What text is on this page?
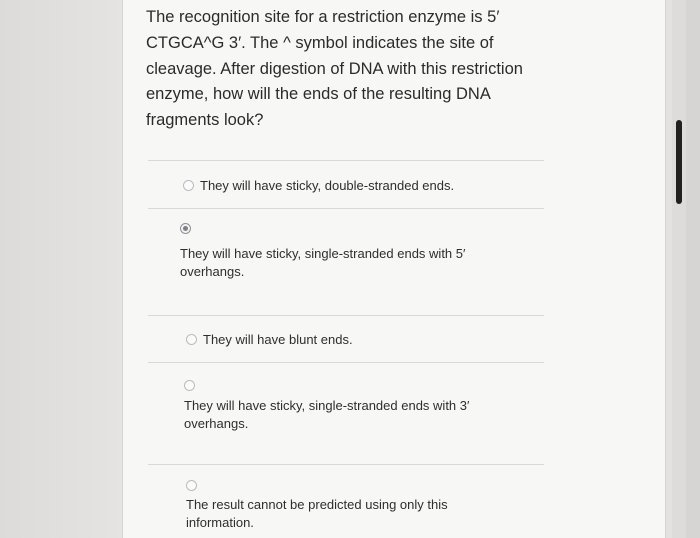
The recognition site for a restriction enzyme is 5′ CTGCA^G 3′. The ^ symbol indicates the site of cleavage. After digestion of DNA with this restriction enzyme, how will the ends of the resulting DNA fragments look?

They will have sticky, double-stranded ends.
They will have sticky, single-stranded ends with 5′ overhangs.
They will have blunt ends.
They will have sticky, single-stranded ends with 3′ overhangs.
The result cannot be predicted using only this information.
